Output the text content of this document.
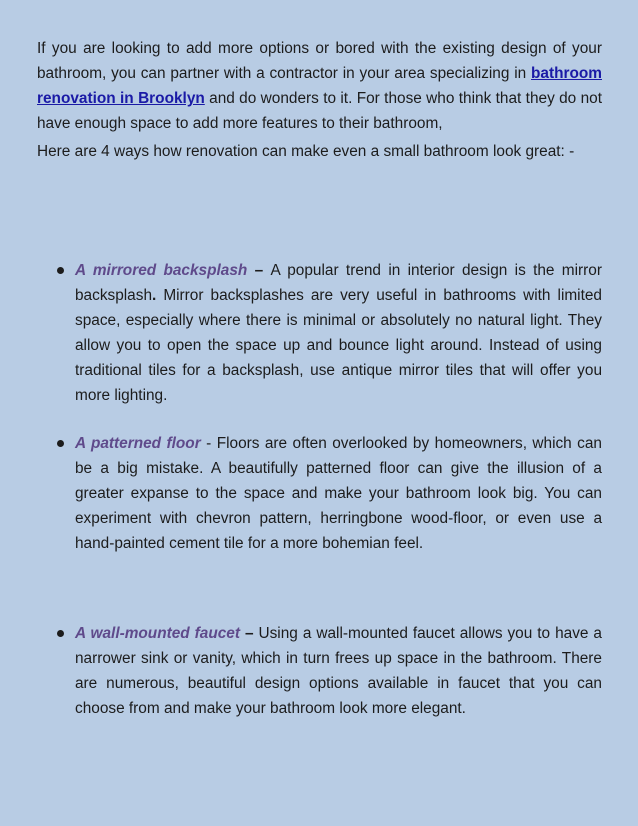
If you are looking to add more options or bored with the existing design of your bathroom, you can partner with a contractor in your area specializing in bathroom renovation in Brooklyn and do wonders to it. For those who think that they do not have enough space to add more features to their bathroom,

Here are 4 ways how renovation can make even a small bathroom look great: -

A mirrored backsplash – A popular trend in interior design is the mirror backsplash. Mirror backsplashes are very useful in bathrooms with limited space, especially where there is minimal or absolutely no natural light. They allow you to open the space up and bounce light around. Instead of using traditional tiles for a backsplash, use antique mirror tiles that will offer you more lighting.
A patterned floor - Floors are often overlooked by homeowners, which can be a big mistake. A beautifully patterned floor can give the illusion of a greater expanse to the space and make your bathroom look big. You can experiment with chevron pattern, herringbone wood-floor, or even use a hand-painted cement tile for a more bohemian feel.
A wall-mounted faucet – Using a wall-mounted faucet allows you to have a narrower sink or vanity, which in turn frees up space in the bathroom. There are numerous, beautiful design options available in faucet that you can choose from and make your bathroom look more elegant.
